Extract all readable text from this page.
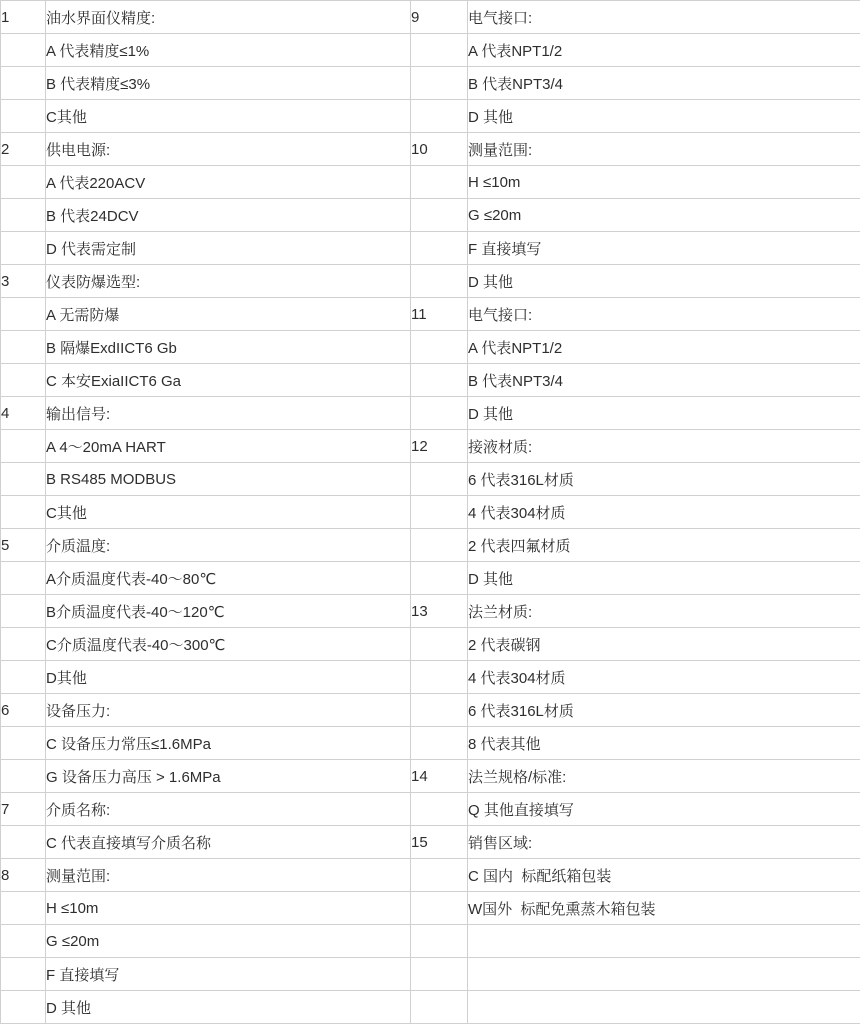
1	油水界面仪精度:	9	电气接口:
	A 代表精度≤1%		A 代表NPT1/2
	B 代表精度≤3%		B 代表NPT3/4
	C其他		D 其他
2	供电电源:	10	测量范围:
	A 代表220ACV		H ≤10m
	B 代表24DCV		G ≤20m
	D 代表需定制		F 直接填写
3	仪表防爆选型:		D 其他
	A 无需防爆	11	电气接口:
	B 隔爆ExdIICT6 Gb		A 代表NPT1/2
	C 本安ExiaIICT6 Ga		B 代表NPT3/4
4	输出信号:		D 其他
	A 4～20mA HART	12	接液材质:
	B RS485 MODBUS		6 代表316L材质
	C其他		4 代表304材质
5	介质温度:		2 代表四氟材质
	A介质温度代表-40～80℃		D 其他
	B介质温度代表-40～120℃	13	法兰材质:
	C介质温度代表-40～300℃		2 代表碳钢
	D其他		4 代表304材质
6	设备压力:		6 代表316L材质
	C 设备压力常压≤1.6MPa		8 代表其他
	G 设备压力高压 > 1.6MPa	14	法兰规格/标准:
7	介质名称:		Q 其他直接填写
	C 代表直接填写介质名称	15	销售区域:
8	测量范围:		C 国内  标配纸箱包装
	H ≤10m		W国外  标配免熏蒸木箱包装
	G ≤20m		
	F 直接填写		
	D 其他		
